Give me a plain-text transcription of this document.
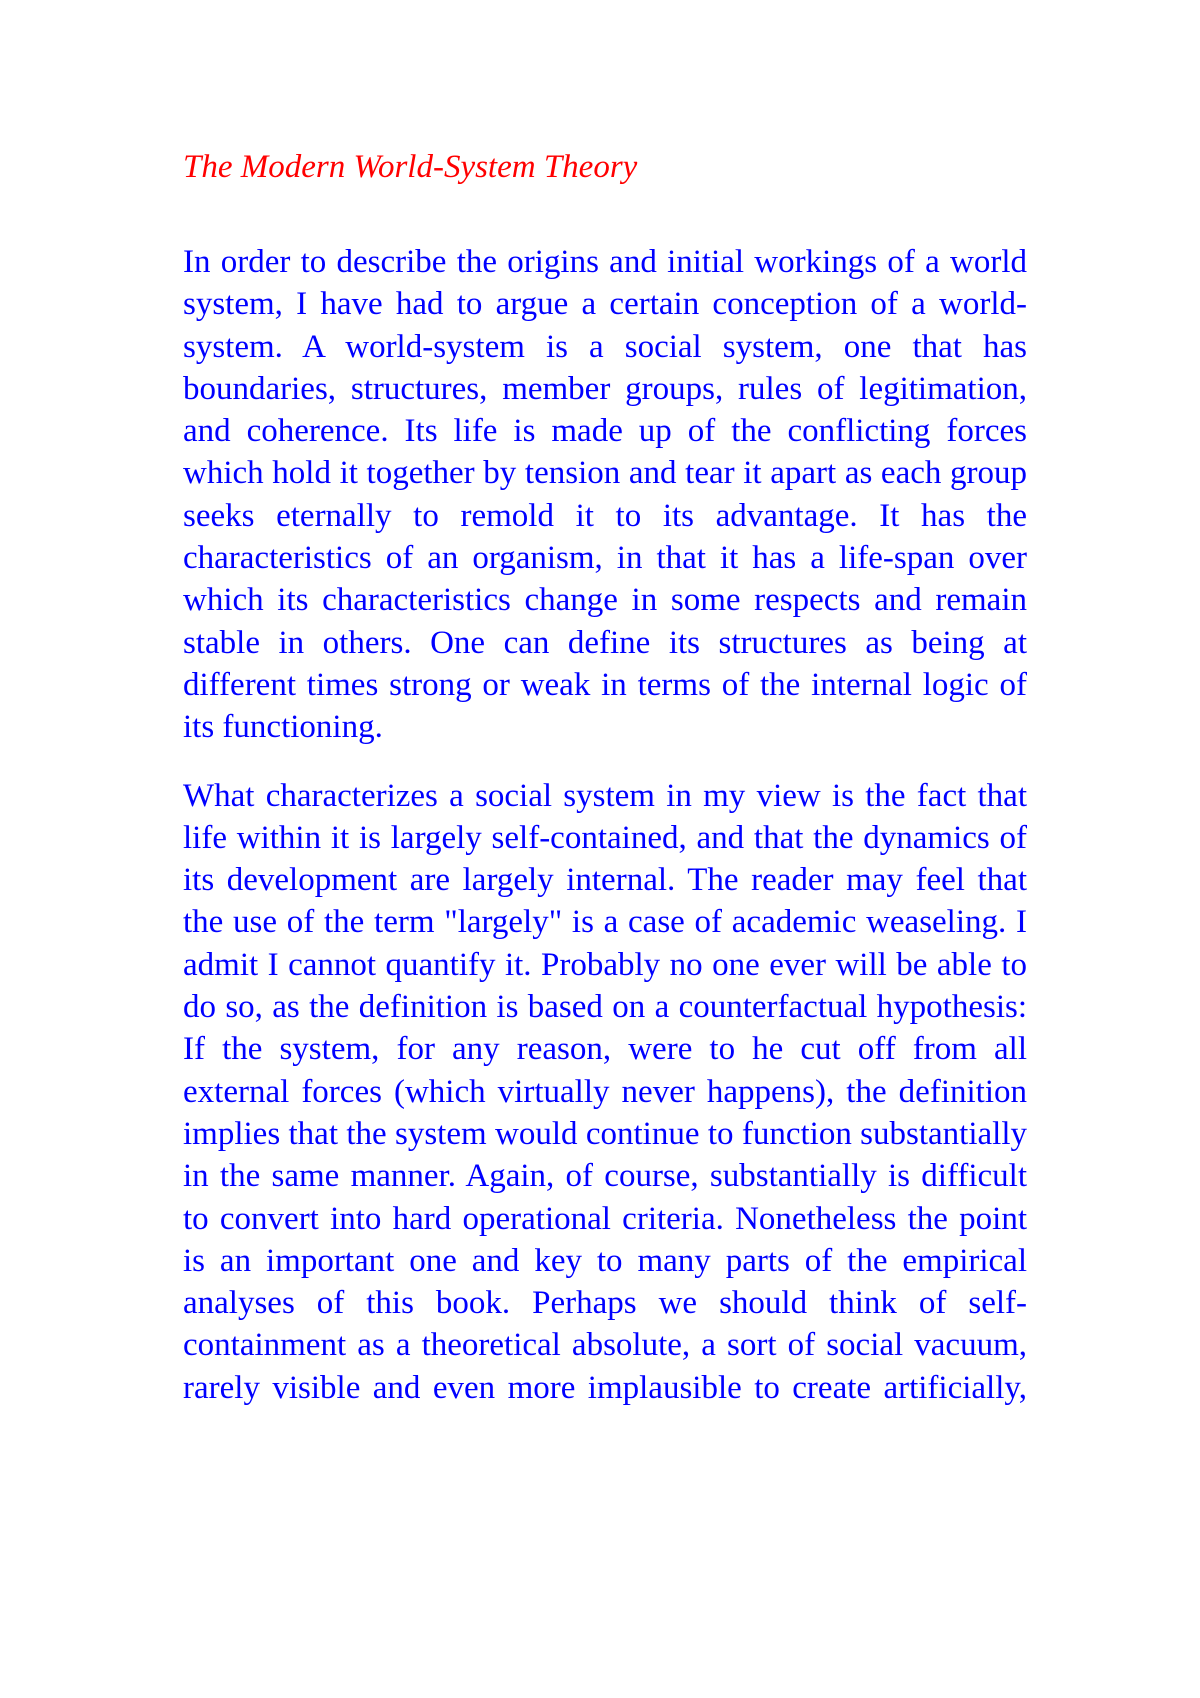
The Modern World-System Theory

In order to describe the origins and initial workings of a world system, I have had to argue a certain conception of a world-system. A world-system is a social system, one that has boundaries, structures, member groups, rules of legitimation, and coherence. Its life is made up of the conflicting forces which hold it together by tension and tear it apart as each group seeks eternally to remold it to its advantage. It has the characteristics of an organism, in that it has a life-span over which its characteristics change in some respects and remain stable in others. One can define its structures as being at different times strong or weak in terms of the internal logic of its functioning.

What characterizes a social system in my view is the fact that life within it is largely self-contained, and that the dynamics of its development are largely internal. The reader may feel that the use of the term "largely" is a case of academic weaseling. I admit I cannot quantify it. Probably no one ever will be able to do so, as the definition is based on a counterfactual hypothesis: If the system, for any reason, were to he cut off from all external forces (which virtually never happens), the definition implies that the system would continue to function substantially in the same manner. Again, of course, substantially is difficult to convert into hard operational criteria. Nonetheless the point is an important one and key to many parts of the empirical analyses of this book. Perhaps we should think of self-containment as a theoretical absolute, a sort of social vacuum, rarely visible and even more implausible to create artificially,
